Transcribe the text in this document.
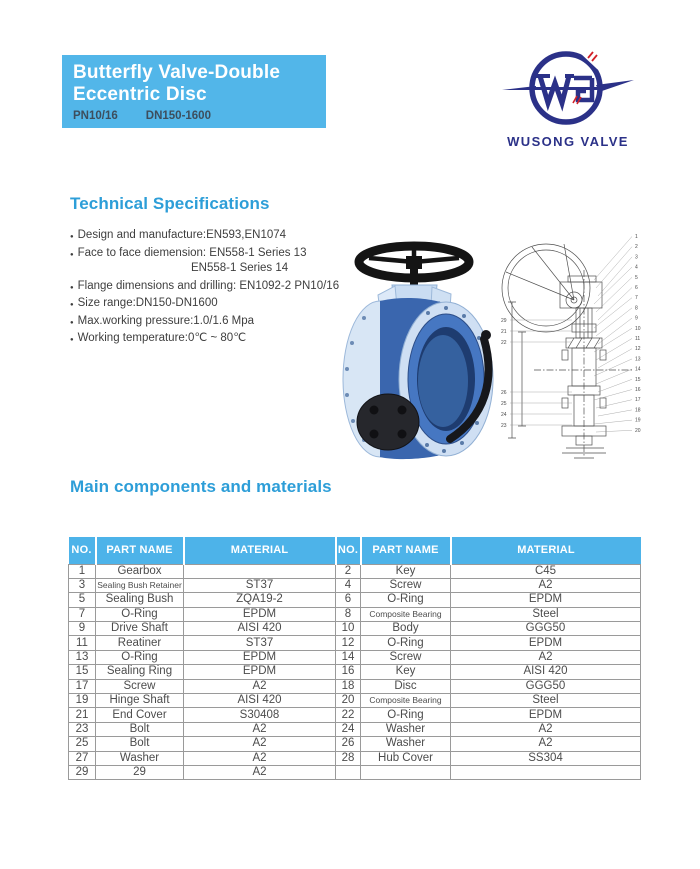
Butterfly Valve-Double
Eccentric Disc
PN10/16 DN150-1600
WUSONG VALVE
Technical Specifications
● Design and manufacture:EN593,EN1074
● Face to face diemension: EN558-1 Series 13
EN558-1 Series 14
● Flange dimensions and drilling: EN1092-2 PN10/16
● Size range:DN150-DN1600
● Max.working pressure:1.0/1.6 Mpa
● Working temperature:0℃ ~ 80℃
1
2
3
4
5
6
7
8
9
10
11
12
13
14
15
16
17
18
19
20
29
21
22
26
25
24
23
Main components and materials
NO.	PART NAME	MATERIAL	NO.	PART NAME	MATERIAL
1	Gearbox		2	Key	C45
3	Sealing Bush Retainer	ST37	4	Screw	A2
5	Sealing Bush	ZQA19-2	6	O-Ring	EPDM
7	O-Ring	EPDM	8	Composite Bearing	Steel
9	Drive Shaft	AISI 420	10	Body	GGG50
11	Reatiner	ST37	12	O-Ring	EPDM
13	O-Ring	EPDM	14	Screw	A2
15	Sealing Ring	EPDM	16	Key	AISI 420
17	Screw	A2	18	Disc	GGG50
19	Hinge Shaft	AISI 420	20	Composite Bearing	Steel
21	End Cover	S30408	22	O-Ring	EPDM
23	Bolt	A2	24	Washer	A2
25	Bolt	A2	26	Washer	A2
27	Washer	A2	28	Hub Cover	SS304
29	29	A2			
